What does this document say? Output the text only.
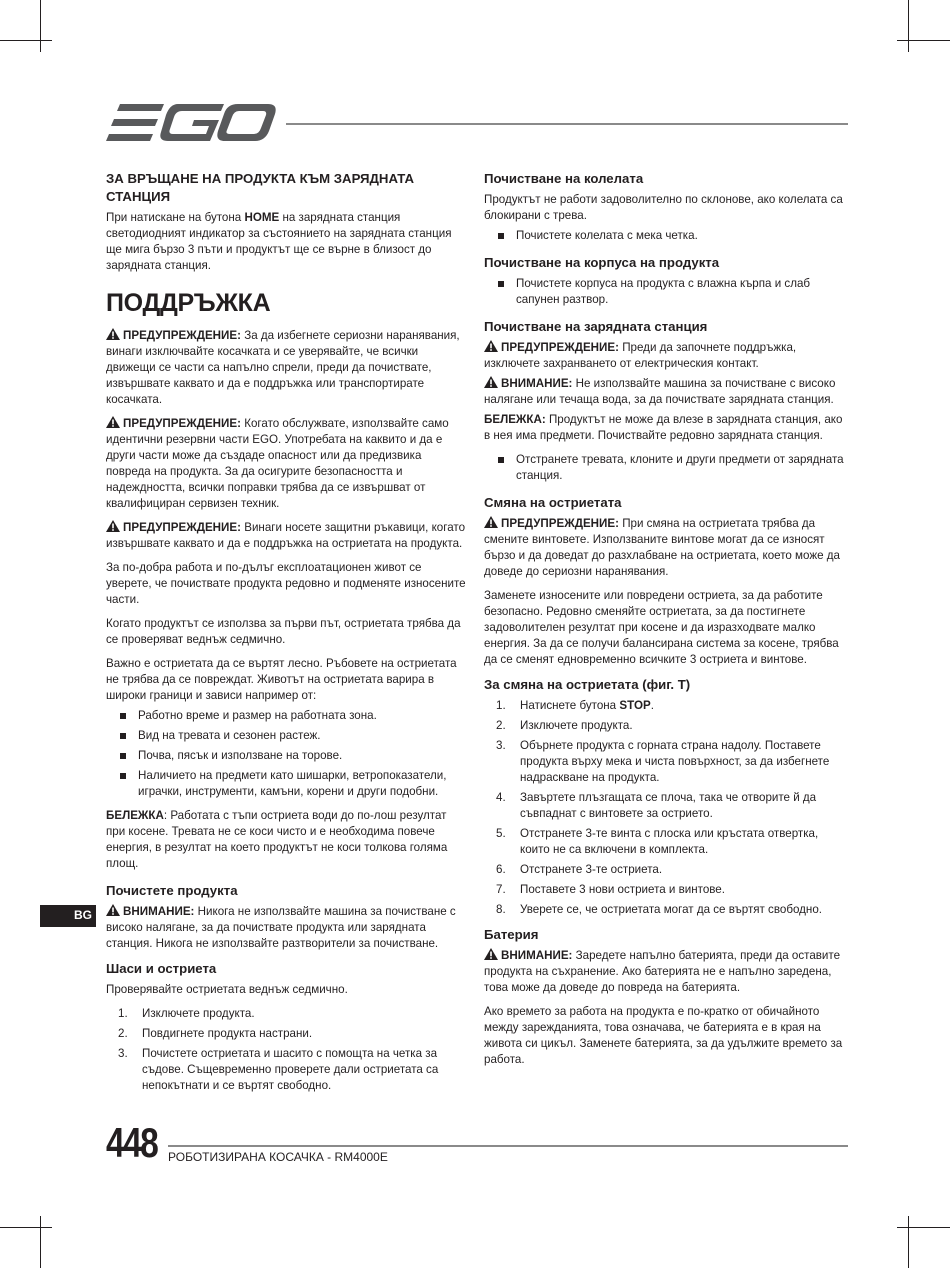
ЗА ВРЪЩАНЕ НА ПРОДУКТА КЪМ ЗАРЯДНАТА СТАНЦИЯ

При натискане на бутона HOME на зарядната станция светодиодният индикатор за състоянието на зарядната станция ще мига бързо 3 пъти и продуктът ще се върне в близост до зарядната станция.

ПОДДРЪЖКА

ПРЕДУПРЕЖДЕНИЕ: За да избегнете сериозни наранявания, винаги изключвайте косачката и се уверявайте, че всички движещи се части са напълно спрели, преди да почиствате, извършвате каквато и да е поддръжка или транспортирате косачката.

ПРЕДУПРЕЖДЕНИЕ: Когато обслужвате, използвайте само идентични резервни части EGO. Употребата на каквито и да е други части може да създаде опасност или да предизвика повреда на продукта. За да осигурите безопасността и надеждността, всички поправки трябва да се извършват от квалифициран сервизен техник.

ПРЕДУПРЕЖДЕНИЕ: Винаги носете защитни ръкавици, когато извършвате каквато и да е поддръжка на остриетата на продукта.

За по-добра работа и по-дълъг експлоатационен живот се уверете, че почиствате продукта редовно и подменяте износените части.

Когато продуктът се използва за първи път, остриетата трябва да се проверяват веднъж седмично.

Важно е остриетата да се въртят лесно. Ръбовете на остриетата не трябва да се повреждат. Животът на остриетата варира в широки граници и зависи например от:

Работно време и размер на работната зона.
Вид на тревата и сезонен растеж.
Почва, пясък и използване на торове.
Наличието на предмети като шишарки, ветропоказатели, играчки, инструменти, камъни, корени и други подобни.

БЕЛЕЖКА: Работата с тъпи остриета води до по-лош резултат при косене. Тревата не се коси чисто и е необходима повече енергия, в резултат на което продуктът не коси толкова голяма площ.

Почистете продукта

ВНИМАНИЕ: Никога не използвайте машина за почистване с високо налягане, за да почиствате продукта или зарядната станция. Никога не използвайте разтворители за почистване.

Шаси и остриета

Проверявайте остриетата веднъж седмично.

1. Изключете продукта.
2. Повдигнете продукта настрани.
3. Почистете остриетата и шасито с помощта на четка за съдове. Същевременно проверете дали остриетата са непокътнати и се въртят свободно.
Почистване на колелата

Продуктът не работи задоволително по склонове, ако колелата са блокирани с трева.

Почистете колелата с мека четка.
Почистване на корпуса на продукта
Почистете корпуса на продукта с влажна кърпа и слаб сапунен разтвор.
Почистване на зарядната станция

ПРЕДУПРЕЖДЕНИЕ: Преди да започнете поддръжка, изключете захранването от електрическия контакт.

ВНИМАНИЕ: Не използвайте машина за почистване с високо налягане или течаща вода, за да почиствате зарядната станция.

БЕЛЕЖКА: Продуктът не може да влезе в зарядната станция, ако в нея има предмети. Почиствайте редовно зарядната станция.

Отстранете тревата, клоните и други предмети от зарядната станция.
Смяна на остриетата

ПРЕДУПРЕЖДЕНИЕ: При смяна на остриетата трябва да смените винтовете. Използваните винтове могат да се износят бързо и да доведат до разхлабване на остриетата, което може да доведе до сериозни наранявания.

Заменете износените или повредени остриета, за да работите безопасно. Редовно сменяйте остриетата, за да постигнете задоволителен резултат при косене и да изразходвате малко енергия. За да се получи балансирана система за косене, трябва да се сменят едновременно всичките 3 остриета и винтове.

За смяна на остриетата (фиг. T)
1. Натиснете бутона STOP.
2. Изключете продукта.
3. Обърнете продукта с горната страна надолу. Поставете продукта върху мека и чиста повърхност, за да избегнете надраскване на продукта.
4. Завъртете плъзгащата се плоча, така че отворите й да съвпаднат с винтовете за острието.
5. Отстранете 3-те винта с плоска или кръстата отвертка, които не са включени в комплекта.
6. Отстранете 3-те остриета.
7. Поставете 3 нови остриета и винтове.
8. Уверете се, че остриетата могат да се въртят свободно.
Батерия

ВНИМАНИЕ: Заредете напълно батерията, преди да оставите продукта на съхранение. Ако батерията не е напълно заредена, това може да доведе до повреда на батерията.

Ако времето за работа на продукта е по-кратко от обичайното между зарежданията, това означава, че батерията е в края на живота си цикъл. Заменете батерията, за да удължите времето за работа.

BG
448 РОБОТИЗИРАНА КОСАЧКА - RM4000E
